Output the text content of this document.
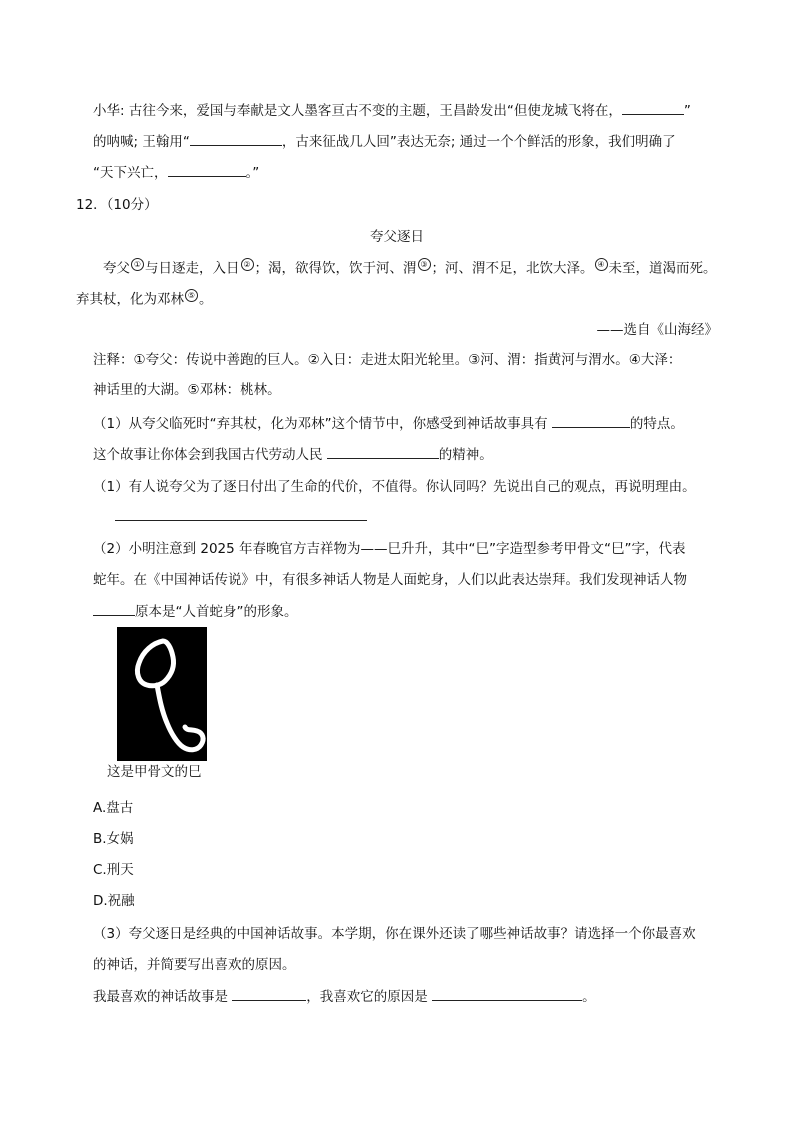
小华: 古往今来，爱国与奉献是文人墨客亘古不变的主题，王昌龄发出“但使龙城飞将在，	”
的呐喊; 王翰用“	，古来征战几人回”表达无奈; 通过一个个鲜活的形象，我们明确了
“天下兴亡，	。”
12．（10分）
夸父逐日
夸父 ① 与日逐走，入日 ② ；渴，欲得饮，饮于河、渭 ③ ；河、渭不足，北饮大泽。 ④ 未至，道渴而死。
弃其杖，化为邓林 ⑤ 。
——选自《山海经》
注释：①夸父：传说中善跑的巨人。②入日：走进太阳光轮里。③河、渭：指黄河与渭水。④大泽：
神话里的大湖。⑤邓林：桃林。
（1）从夸父临死时“弃其杖，化为邓林”这个情节中，你感受到神话故事具有	的特点。
这个故事让你体会到我国古代劳动人民	的精神。
（1）有人说夸父为了逐日付出了生命的代价，不值得。你认同吗？先说出自己的观点，再说明理由。
（2）小明注意到 2025 年春晚官方吉祥物为——巳升升，其中“巳”字造型参考甲骨文“巳”字，代表
蛇年。在《中国神话传说》中，有很多神话人物是人面蛇身，人们以此表达崇拜。我们发现神话人物
原本是“人首蛇身”的形象。
这是甲骨文的巳
A.盘古
B.女娲
C.刑天
D.祝融
（3）夸父逐日是经典的中国神话故事。本学期，你在课外还读了哪些神话故事？请选择一个你最喜欢
的神话，并简要写出喜欢的原因。
我最喜欢的神话故事是	，我喜欢它的原因是	。
